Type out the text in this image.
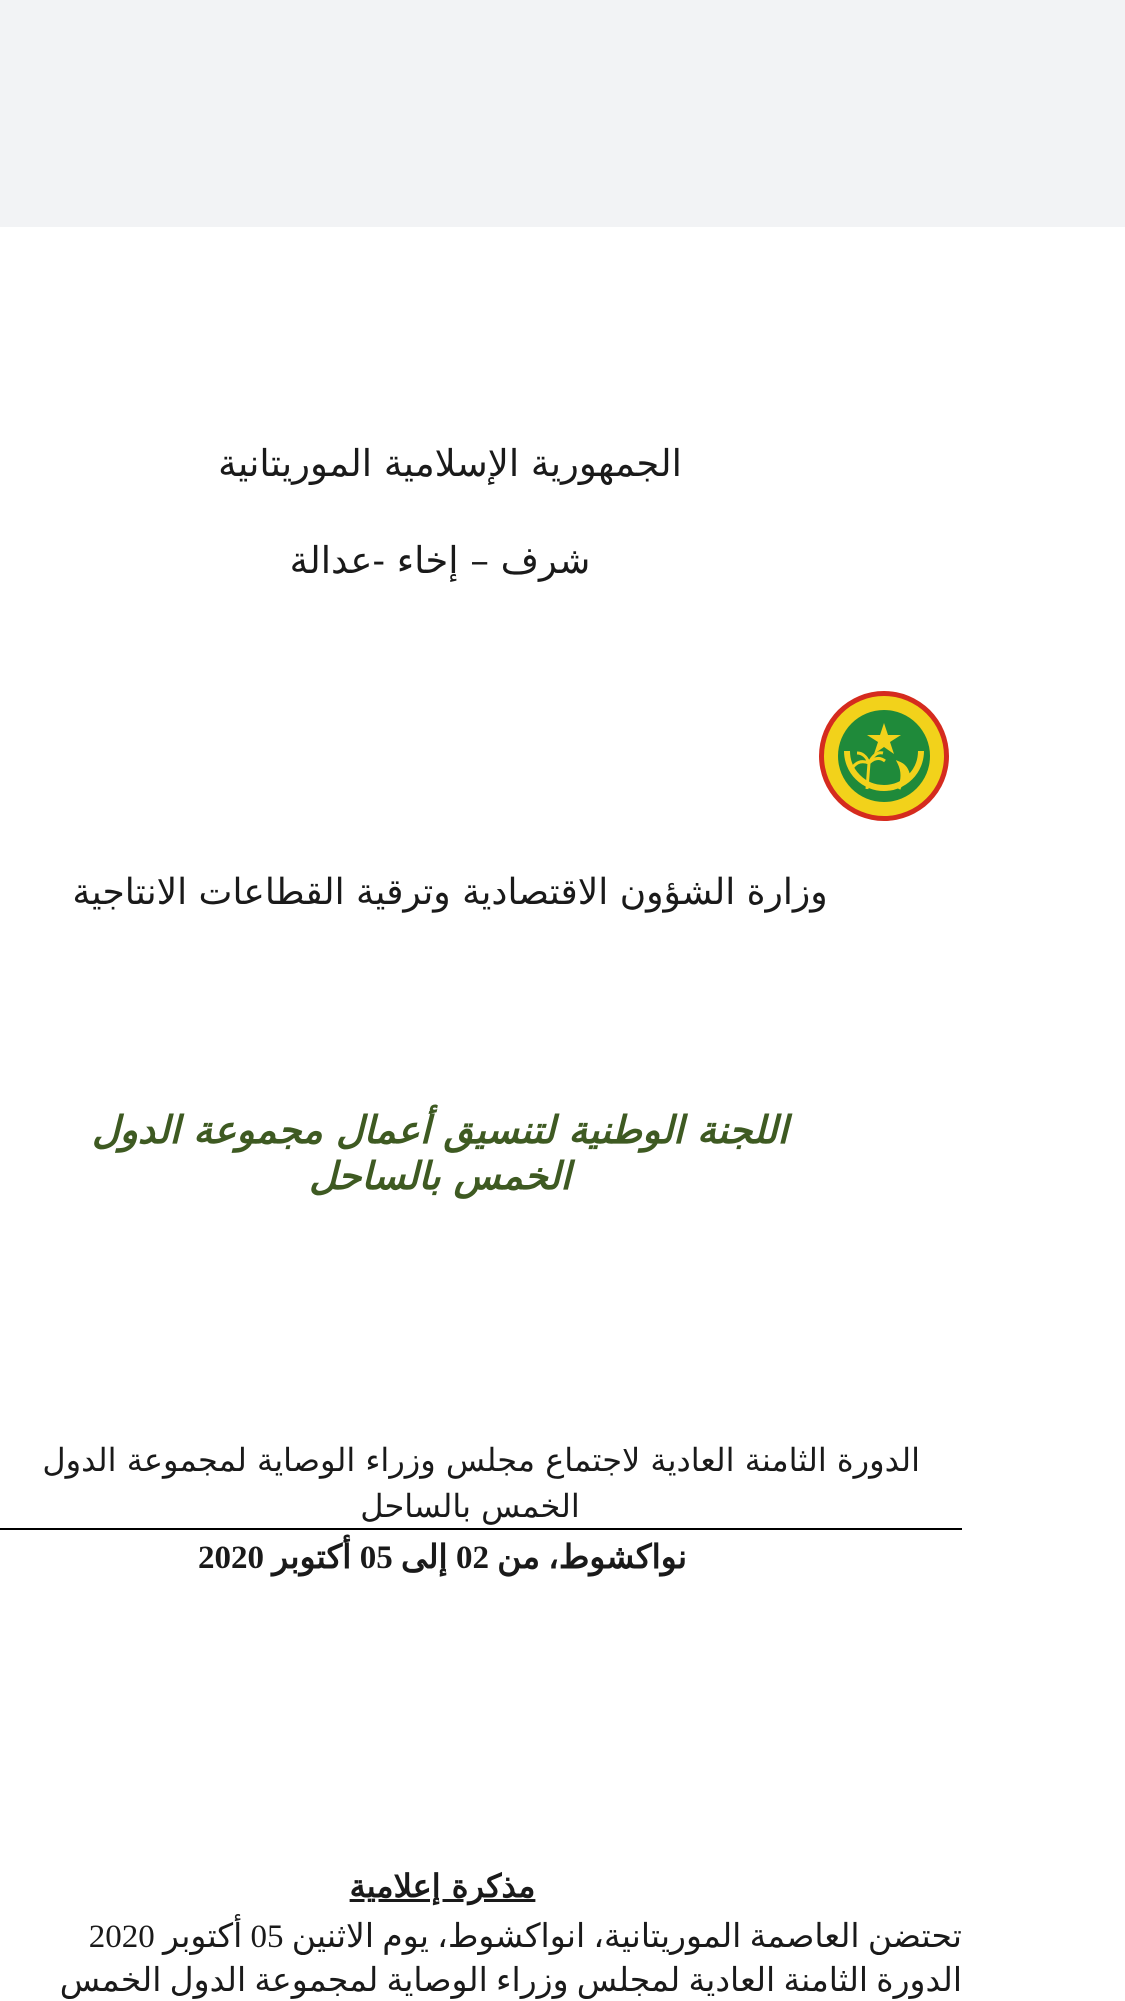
الجمهورية الإسلامية الموريتانية
شرف – إخاء -عدالة
وزارة الشؤون الاقتصادية وترقية القطاعات الانتاجية
اللجنة الوطنية لتنسيق أعمال مجموعة الدول
الخمس بالساحل
الدورة الثامنة العادية لاجتماع مجلس وزراء الوصاية لمجموعة الدول
الخمس بالساحل
نواكشوط، من 02 إلى 05 أكتوبر 2020
مذكرة إعلامية
تحتضن العاصمة الموريتانية، انواكشوط، يوم الاثنين 05 أكتوبر 2020
الدورة الثامنة العادية لمجلس وزراء الوصاية لمجموعة الدول الخمس
